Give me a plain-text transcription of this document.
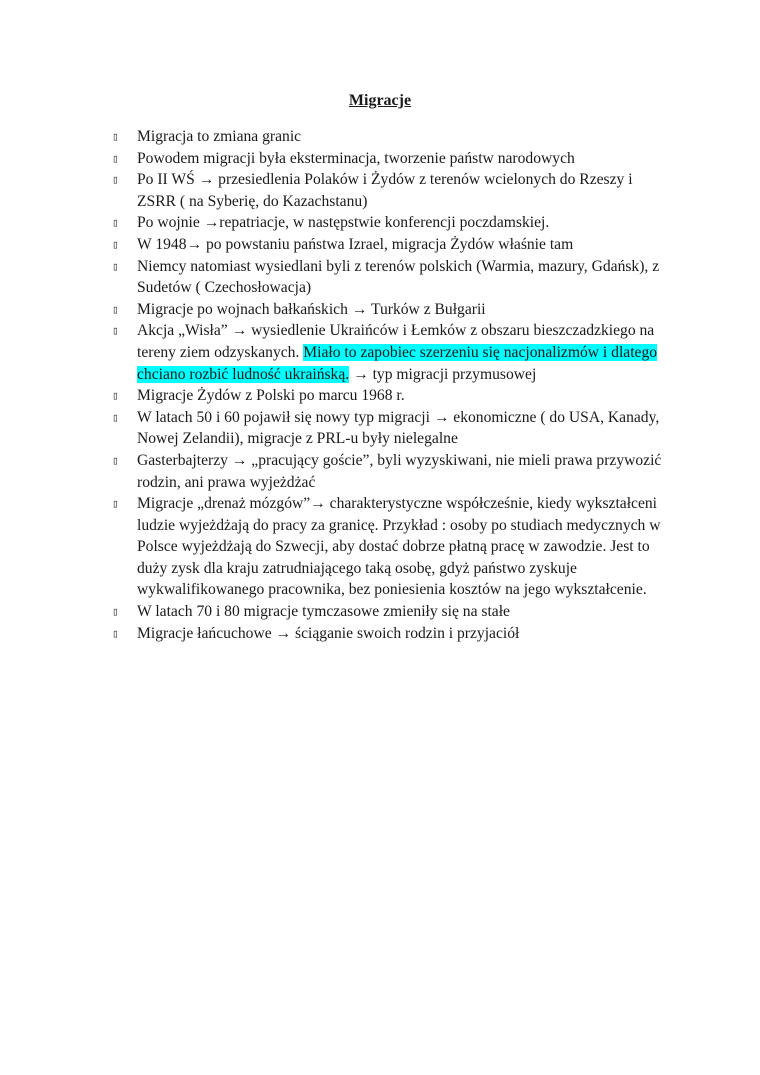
Migracje
▯ Migracja to zmiana granic
▯ Powodem migracji była eksterminacja, tworzenie państw narodowych
▯ Po II WŚ → przesiedlenia Polaków i Żydów z terenów wcielonych do Rzeszy i ZSRR ( na Syberię, do Kazachstanu)
▯ Po wojnie →repatriacje, w następstwie konferencji poczdamskiej.
▯ W 1948→ po powstaniu państwa Izrael, migracja Żydów właśnie tam
▯ Niemcy natomiast wysiedlani byli z terenów polskich (Warmia, mazury, Gdańsk), z Sudetów ( Czechosłowacja)
▯ Migracje po wojnach bałkańskich → Turków z Bułgarii
▯ Akcja „Wisła” → wysiedlenie Ukraińców i Łemków z obszaru bieszczadzkiego na tereny ziem odzyskanych. Miało to zapobiec szerzeniu się nacjonalizmów i dlatego chciano rozbić ludność ukraińską. → typ migracji przymusowej
▯ Migracje Żydów z Polski po marcu 1968 r.
▯ W latach 50 i 60 pojawił się nowy typ migracji → ekonomiczne ( do USA, Kanady, Nowej Zelandii), migracje z PRL-u były nielegalne
▯ Gasterbajterzy → „pracujący goście”, byli wyzyskiwani, nie mieli prawa przywozić rodzin, ani prawa wyjeżdżać
▯ Migracje „drenaż mózgów”→ charakterystyczne współcześnie, kiedy wykształceni ludzie wyjeżdżają do pracy za granicę. Przykład : osoby po studiach medycznych w Polsce wyjeżdżają do Szwecji, aby dostać dobrze płatną pracę w zawodzie. Jest to duży zysk dla kraju zatrudniającego taką osobę, gdyż państwo zyskuje wykwalifikowanego pracownika, bez poniesienia kosztów na jego wykształcenie.
▯ W latach 70 i 80 migracje tymczasowe zmieniły się na stałe
▯ Migracje łańcuchowe → ściąganie swoich rodzin i przyjaciół
